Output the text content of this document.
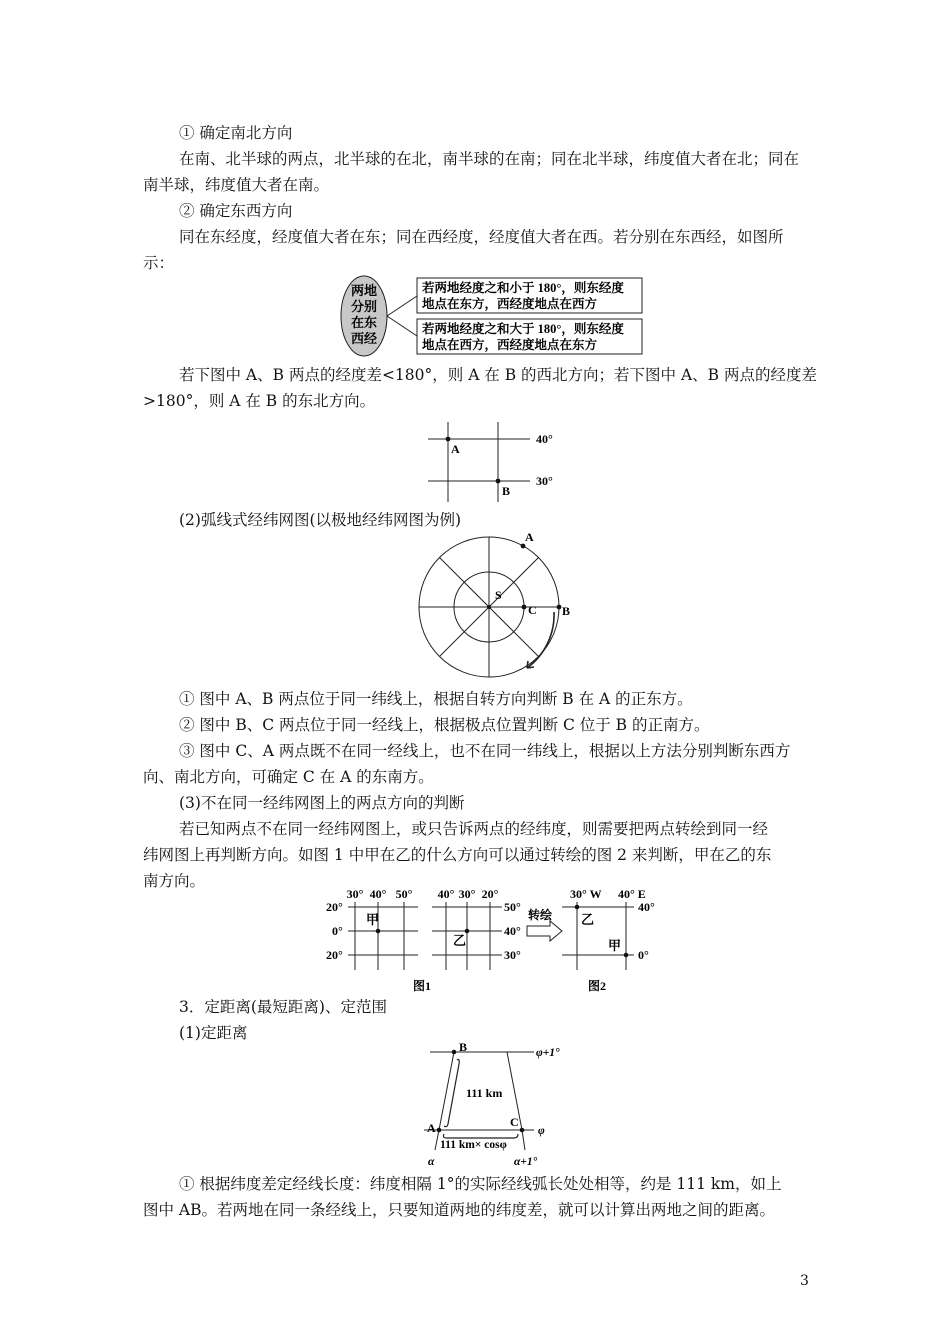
① 确定南北方向
在南、北半球的两点，北半球的在北，南半球的在南；同在北半球，纬度值大者在北；同在
南半球，纬度值大者在南。
② 确定东西方向
同在东经度，经度值大者在东；同在西经度，经度值大者在西。若分别在东西经，如图所
示：
两地
分别
在东
西经
若两地经度之和小于 180°，则东经度
地点在东方，西经度地点在西方
若两地经度之和大于 180°，则东经度
地点在西方，西经度地点在东方
若下图中 A、B 两点的经度差<180°，则 A 在 B 的西北方向；若下图中 A、B 两点的经度差
>180°，则 A 在 B 的东北方向。
A
B
40°
30°
(2)弧线式经纬网图(以极地经纬网图为例)
S
A
B
C
① 图中 A、B 两点位于同一纬线上，根据自转方向判断 B 在 A 的正东方。
② 图中 B、C 两点位于同一经线上，根据极点位置判断 C 位于 B 的正南方。
③ 图中 C、A 两点既不在同一经线上，也不在同一纬线上，根据以上方法分别判断东西方
向、南北方向，可确定 C 在 A 的东南方。
(3)不在同一经纬网图上的两点方向的判断
若已知两点不在同一经纬网图上，或只告诉两点的经纬度，则需要把两点转绘到同一经
纬网图上再判断方向。如图 1 中甲在乙的什么方向可以通过转绘的图 2 来判断，甲在乙的东
南方向。
30° 40° 50°
20°
0°
20°
甲
40° 30° 20°
乙
50°
40°
30°
转绘
30° W 40° E
乙
甲
40°
0°
图1	图2
3．定距离(最短距离)、定范围
(1)定距离
B
A	C
φ+1°
φ
111 km
111 km× cosφ
α	α+1°
① 根据纬度差定经线长度：纬度相隔 1°的实际经线弧长处处相等，约是 111 km，如上
图中 AB。若两地在同一条经线上，只要知道两地的纬度差，就可以计算出两地之间的距离。
3
